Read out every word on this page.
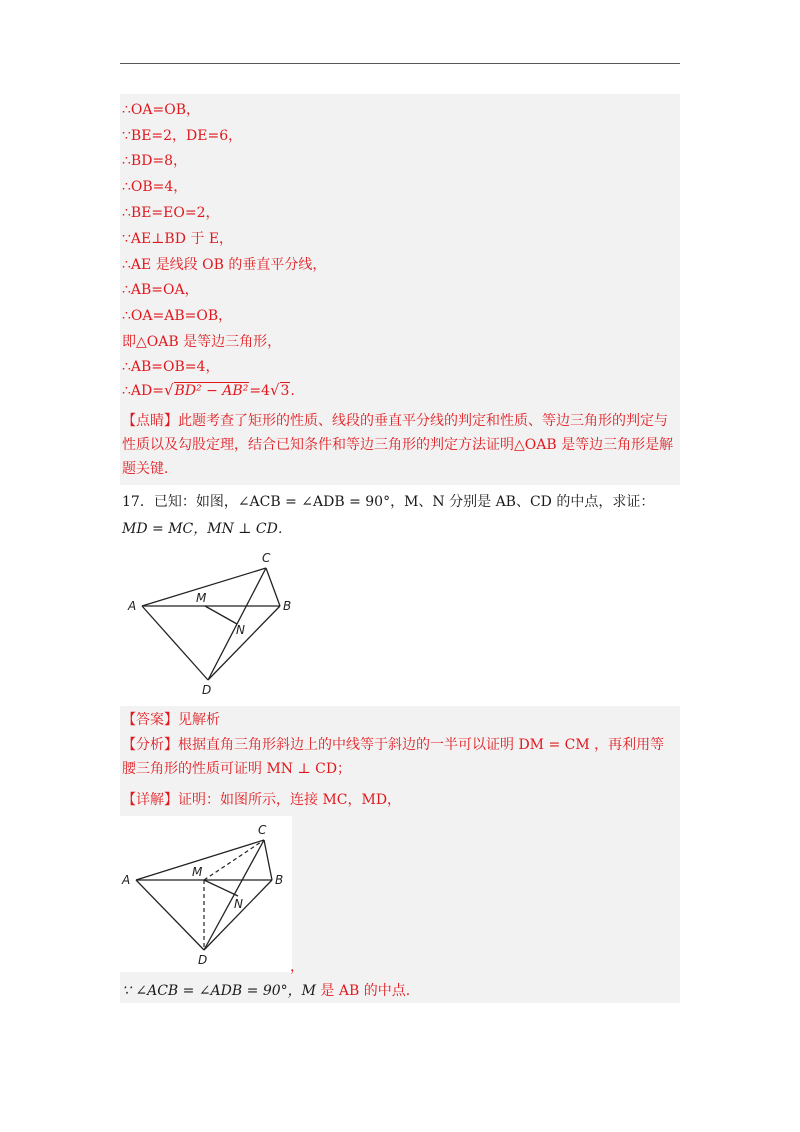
∴OA=OB，
∵BE=2，DE=6，
∴BD=8，
∴OB=4，
∴BE=EO=2，
∵AE⊥BD 于 E，
∴AE 是线段 OB 的垂直平分线，
∴AB=OA，
∴OA=AB=OB，
即△OAB 是等边三角形，
∴AB=OB=4，
∴AD=√BD² − AB²=4√3．
【点睛】此题考查了矩形的性质、线段的垂直平分线的判定和性质、等边三角形的判定与性质以及勾股定理，结合已知条件和等边三角形的判定方法证明△OAB 是等边三角形是解题关键．
17．已知：如图，∠ACB = ∠ADB = 90°，M、N 分别是 AB、CD 的中点，求证：
MD = MC，MN ⊥ CD．
A
C
B
M
N
D
【答案】见解析
【分析】根据直角三角形斜边上的中线等于斜边的一半可以证明 DM = CM ，再利用等腰三角形的性质可证明 MN ⊥ CD；
【详解】证明：如图所示，连接 MC，MD，
A
C
B
M
N
D	，
∵ ∠ACB = ∠ADB = 90°，M 是 AB 的中点.
